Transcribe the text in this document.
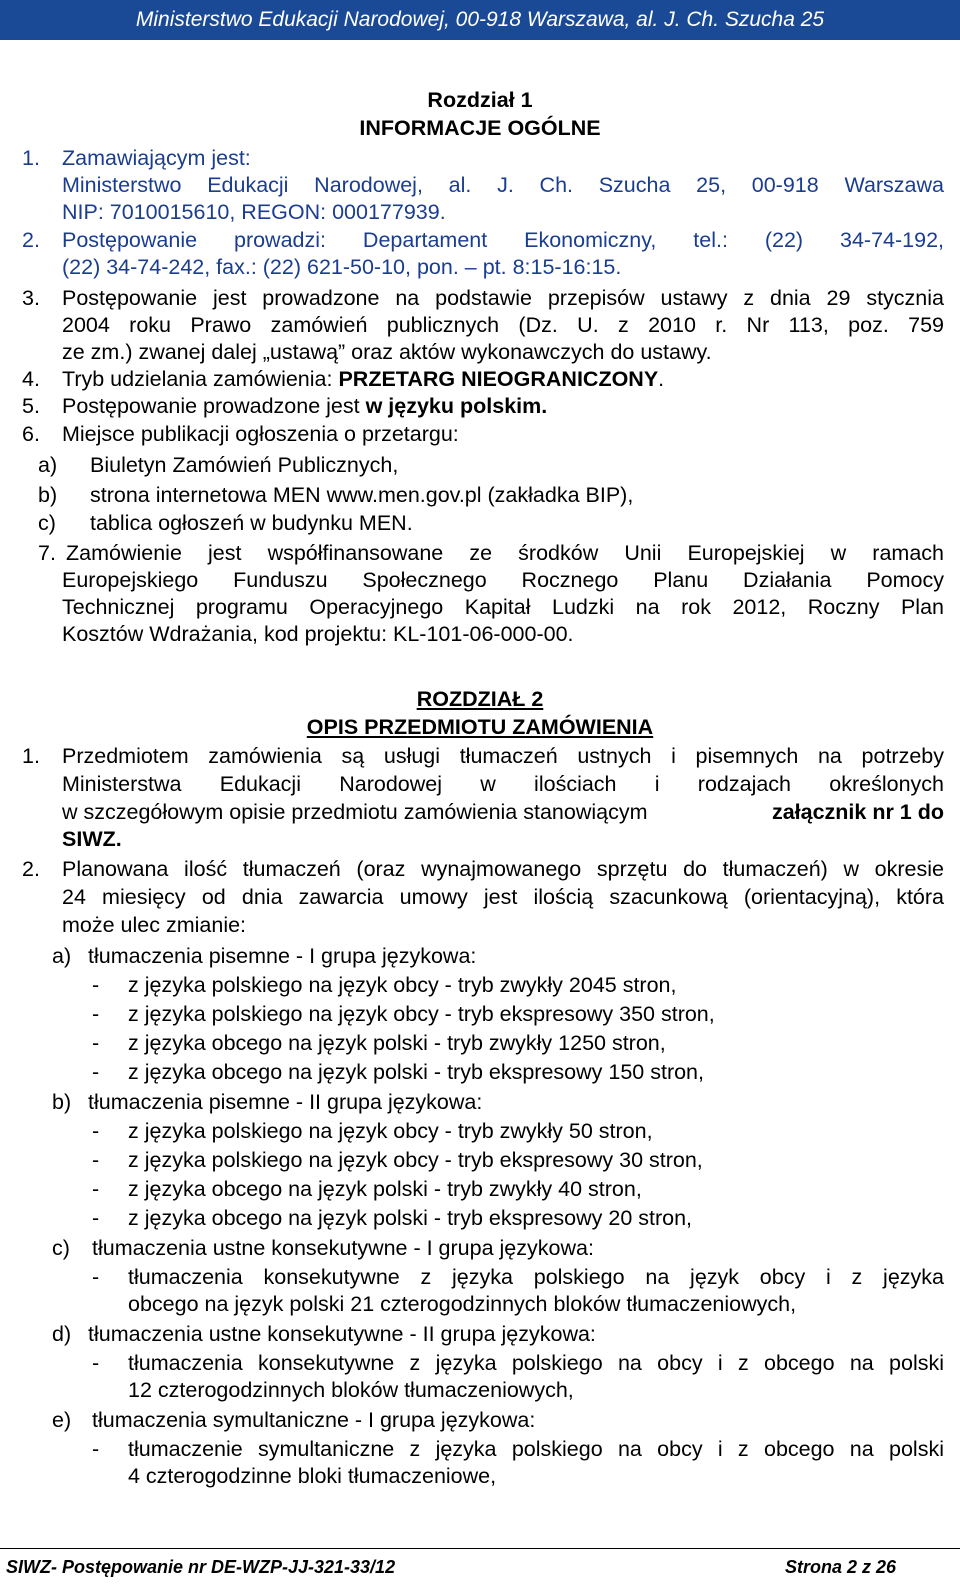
Ministerstwo Edukacji Narodowej, 00-918 Warszawa, al. J. Ch. Szucha 25
Rozdział 1
INFORMACJE OGÓLNE
1. Zamawiającym jest:
Ministerstwo Edukacji Narodowej, al. J. Ch. Szucha 25, 00-918 Warszawa
NIP: 7010015610, REGON: 000177939.
2. Postępowanie prowadzi: Departament Ekonomiczny, tel.: (22) 34-74-192,
(22) 34-74-242, fax.: (22) 621-50-10, pon. – pt. 8:15-16:15.
3. Postępowanie jest prowadzone na podstawie przepisów ustawy z dnia 29 stycznia
2004 roku Prawo zamówień publicznych (Dz. U. z 2010 r. Nr 113, poz. 759
ze zm.) zwanej dalej „ustawą” oraz aktów wykonawczych do ustawy.
4. Tryb udzielania zamówienia: PRZETARG NIEOGRANICZONY.
5. Postępowanie prowadzone jest w języku polskim.
6. Miejsce publikacji ogłoszenia o przetargu:
a) Biuletyn Zamówień Publicznych,
b) strona internetowa MEN www.men.gov.pl (zakładka BIP),
c) tablica ogłoszeń w budynku MEN.
7. Zamówienie jest współfinansowane ze środków Unii Europejskiej w ramach
Europejskiego Funduszu Społecznego Rocznego Planu Działania Pomocy
Technicznej programu Operacyjnego Kapitał Ludzki na rok 2012, Roczny Plan
Kosztów Wdrażania, kod projektu: KL-101-06-000-00.
ROZDZIAŁ 2
OPIS PRZEDMIOTU ZAMÓWIENIA
1. Przedmiotem zamówienia są usługi tłumaczeń ustnych i pisemnych na potrzeby
Ministerstwa Edukacji Narodowej w ilościach i rodzajach określonych
w szczegółowym opisie przedmiotu zamówienia stanowiącym	załącznik nr 1 do
SIWZ.
2. Planowana ilość tłumaczeń (oraz wynajmowanego sprzętu do tłumaczeń) w okresie
24 miesięcy od dnia zawarcia umowy jest ilością szacunkową (orientacyjną), która
może ulec zmianie:
a) tłumaczenia pisemne - I grupa językowa:
- z języka polskiego na język obcy - tryb zwykły 2045 stron,
- z języka polskiego na język obcy - tryb ekspresowy 350 stron,
- z języka obcego na język polski - tryb zwykły 1250 stron,
- z języka obcego na język polski - tryb ekspresowy 150 stron,
b) tłumaczenia pisemne - II grupa językowa:
- z języka polskiego na język obcy - tryb zwykły 50 stron,
- z języka polskiego na język obcy - tryb ekspresowy 30 stron,
- z języka obcego na język polski - tryb zwykły 40 stron,
- z języka obcego na język polski - tryb ekspresowy 20 stron,
c) tłumaczenia ustne konsekutywne - I grupa językowa:
- tłumaczenia konsekutywne z języka polskiego na język obcy i z języka
obcego na język polski 21 czterogodzinnych bloków tłumaczeniowych,
d) tłumaczenia ustne konsekutywne - II grupa językowa:
- tłumaczenia konsekutywne z języka polskiego na obcy i z obcego na polski
12 czterogodzinnych bloków tłumaczeniowych,
e) tłumaczenia symultaniczne - I grupa językowa:
- tłumaczenie symultaniczne z języka polskiego na obcy i z obcego na polski
4 czterogodzinne bloki tłumaczeniowe,
SIWZ- Postępowanie nr DE-WZP-JJ-321-33/12	Strona 2 z 26
